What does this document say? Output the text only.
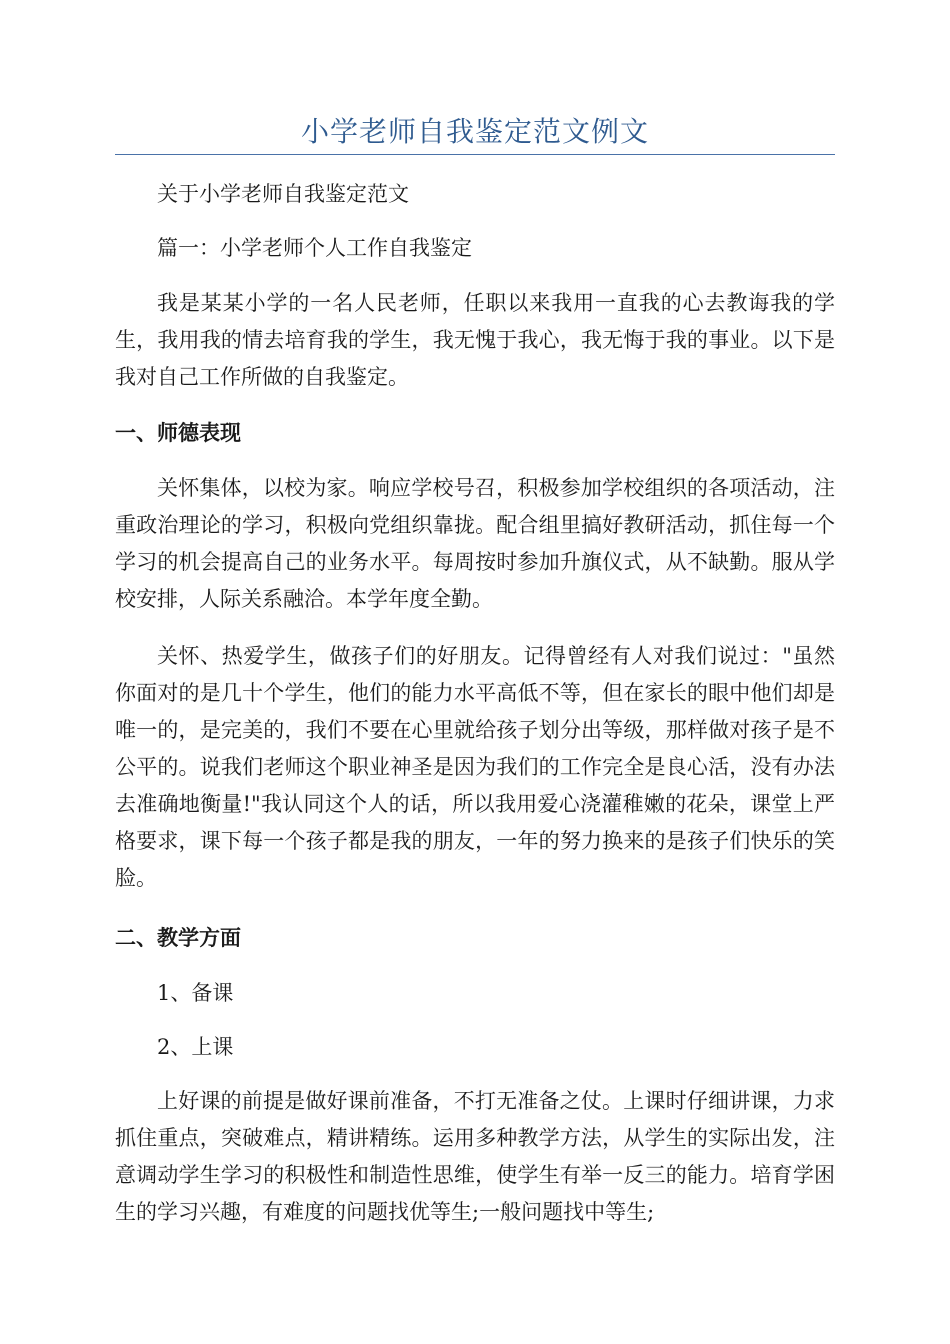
小学老师自我鉴定范文例文

关于小学老师自我鉴定范文

篇一：小学老师个人工作自我鉴定

我是某某小学的一名人民老师，任职以来我用一直我的心去教诲我的学生，我用我的情去培育我的学生，我无愧于我心，我无悔于我的事业。以下是我对自己工作所做的自我鉴定。

一、师德表现

关怀集体，以校为家。响应学校号召，积极参加学校组织的各项活动，注重政治理论的学习，积极向党组织靠拢。配合组里搞好教研活动，抓住每一个学习的机会提高自己的业务水平。每周按时参加升旗仪式，从不缺勤。服从学校安排，人际关系融洽。本学年度全勤。

关怀、热爱学生，做孩子们的好朋友。记得曾经有人对我们说过："虽然你面对的是几十个学生，他们的能力水平高低不等，但在家长的眼中他们却是唯一的，是完美的，我们不要在心里就给孩子划分出等级，那样做对孩子是不公平的。说我们老师这个职业神圣是因为我们的工作完全是良心活，没有办法去准确地衡量!"我认同这个人的话，所以我用爱心浇灌稚嫩的花朵，课堂上严格要求，课下每一个孩子都是我的朋友，一年的努力换来的是孩子们快乐的笑脸。

二、教学方面

1、备课

2、上课

上好课的前提是做好课前准备，不打无准备之仗。上课时仔细讲课，力求抓住重点，突破难点，精讲精练。运用多种教学方法，从学生的实际出发，注意调动学生学习的积极性和制造性思维，使学生有举一反三的能力。培育学困生的学习兴趣，有难度的问题找优等生;一般问题找中等生;
